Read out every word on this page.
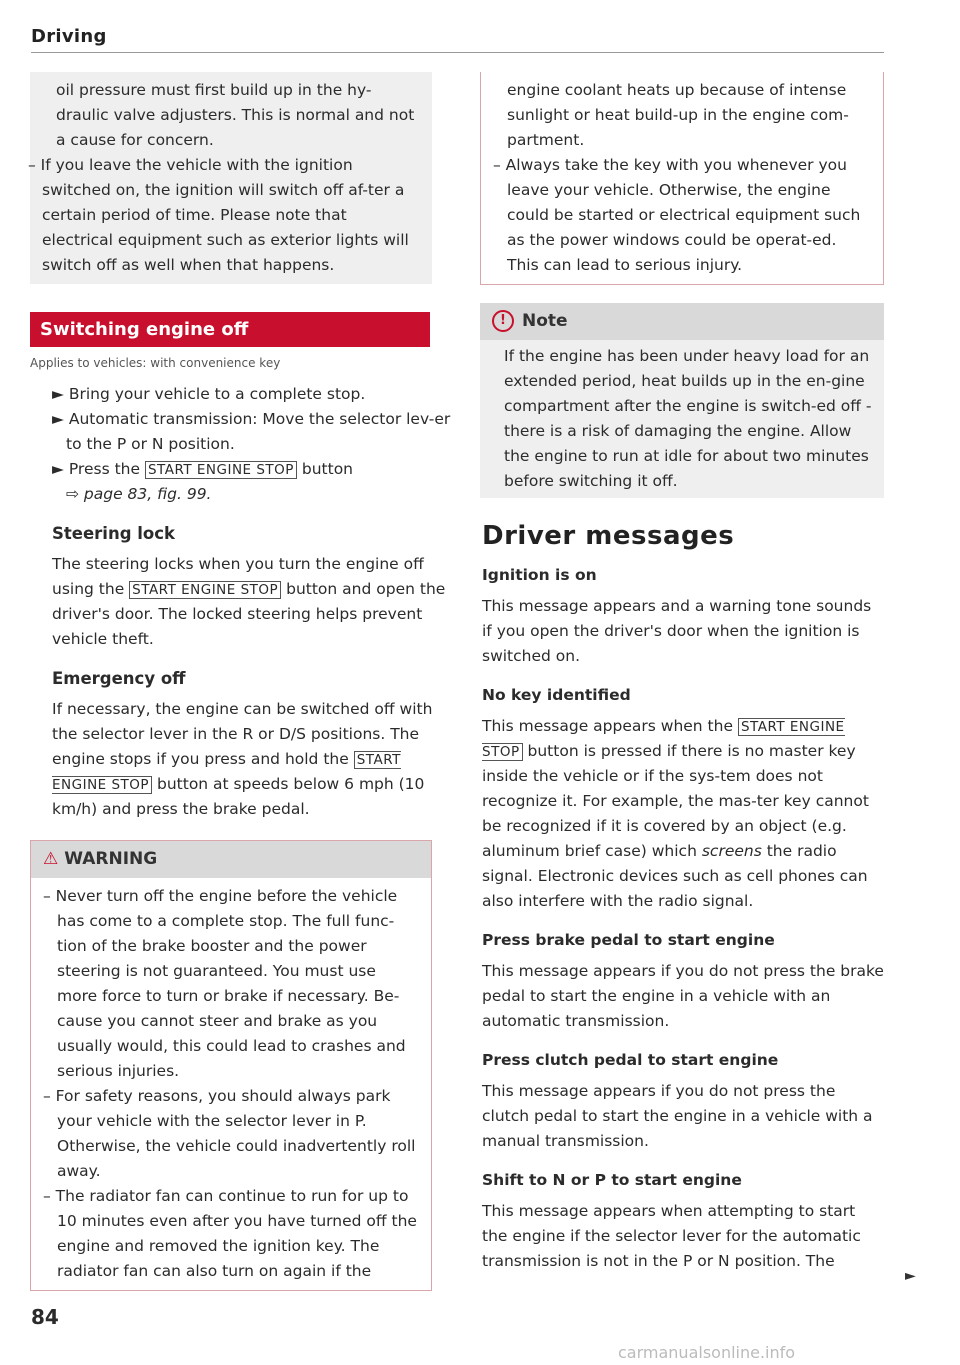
Driving

oil pressure must first build up in the hy-draulic valve adjusters. This is normal and not a cause for concern.

– If you leave the vehicle with the ignition switched on, the ignition will switch off af-ter a certain period of time. Please note that electrical equipment such as exterior lights will switch off as well when that happens.

Switching engine off
Applies to vehicles: with convenience key

► Bring your vehicle to a complete stop.

► Automatic transmission: Move the selector lev-er to the P or N position.

► Press the START ENGINE STOP button

⇨ page 83, fig. 99.

Steering lock

The steering locks when you turn the engine off using the START ENGINE STOP button and open the driver's door. The locked steering helps prevent vehicle theft.

Emergency off

If necessary, the engine can be switched off with the selector lever in the R or D/S positions. The engine stops if you press and hold the START ENGINE STOP button at speeds below 6 mph (10 km/h) and press the brake pedal.

⚠ WARNING

– Never turn off the engine before the vehicle has come to a complete stop. The full func-tion of the brake booster and the power steering is not guaranteed. You must use more force to turn or brake if necessary. Be-cause you cannot steer and brake as you usually would, this could lead to crashes and serious injuries.

– For safety reasons, you should always park your vehicle with the selector lever in P. Otherwise, the vehicle could inadvertently roll away.

– The radiator fan can continue to run for up to 10 minutes even after you have turned off the engine and removed the ignition key. The radiator fan can also turn on again if the

engine coolant heats up because of intense sunlight or heat build-up in the engine com-partment.

– Always take the key with you whenever you leave your vehicle. Otherwise, the engine could be started or electrical equipment such as the power windows could be operat-ed. This can lead to serious injury.

! Note
If the engine has been under heavy load for an extended period, heat builds up in the en-gine compartment after the engine is switch-ed off - there is a risk of damaging the engine. Allow the engine to run at idle for about two minutes before switching it off.
Driver messages
Ignition is on

This message appears and a warning tone sounds if you open the driver's door when the ignition is switched on.

No key identified

This message appears when the START ENGINE STOP button is pressed if there is no master key inside the vehicle or if the sys-tem does not recognize it. For example, the mas-ter key cannot be recognized if it is covered by an object (e.g. aluminum brief case) which screens the radio signal. Electronic devices such as cell phones can also interfere with the radio signal.

Press brake pedal to start engine

This message appears if you do not press the brake pedal to start the engine in a vehicle with an automatic transmission.

Press clutch pedal to start engine

This message appears if you do not press the clutch pedal to start the engine in a vehicle with a manual transmission.

Shift to N or P to start engine

This message appears when attempting to start the engine if the selector lever for the automatic transmission is not in the P or N position. The

►
84
carmanualsonline.info
